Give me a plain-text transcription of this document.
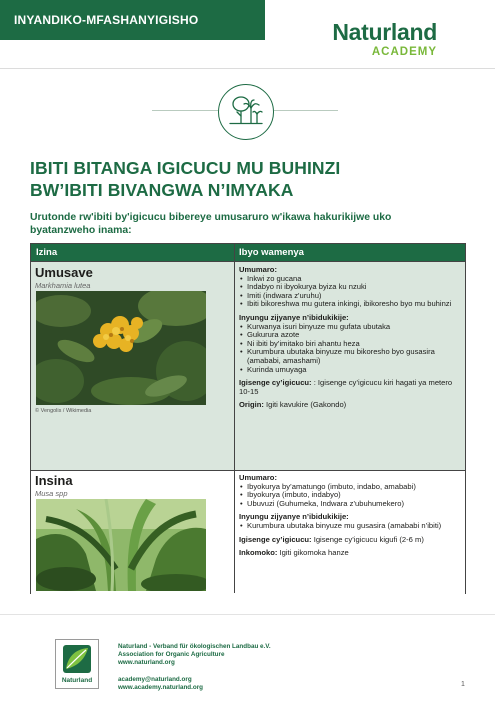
INYANDIKO-MFASHANYIGISHO	Naturland
ACADEMY
IBITI BITANGA IGICUCU MU BUHINZI
BW’IBITI BIVANGWA N’IMYAKA
Urutonde rw'ibiti by'igicucu bibereye umusaruro w'ikawa hakurikijwe uko byatanzweho inama:
Izina	Ibyo wamenya
Umusave
Markhamia lutea
© Vengolis / Wikimedia
Umumaro:
• Inkwi zo gucana
• Indabyo ni ibyokurya byiza ku nzuki
• Imiti (indwara z'uruhu)
• Ibiti bikoreshwa mu gutera inkingi, ibikoresho byo mu buhinzi
Inyungu zijyanye n’ibidukikije:
• Kurwanya isuri binyuze mu gufata ubutaka
• Gukurura azote
• Ni ibiti by’imitako biri ahantu heza
• Kurumbura ubutaka binyuze mu bikoresho byo gusasira (amababi, amashami)
• Kurinda umuyaga

Igisenge cy’igicucu: : Igisenge cy’igicucu kiri hagati ya metero 10-15

Origin: Igiti kavukire (Gakondo)

Insina
Musa spp
Umumaro:
• Ibyokurya by’amatungo (imbuto, indabo, amababi)
• Ibyokurya (imbuto, indabyo)
• Ubuvuzi (Guhumeka, Indwara z’ubuhumekero)
Inyungu zijyanye n’ibidukikije:
• Kurumbura ubutaka binyuze mu gusasira (amababi n’ibiti)

Igisenge cy’igicucu: Igisenge cy’igicucu kigufi (2-6 m)

Inkomoko: Igiti gikomoka hanze

Naturland
Naturland - Verband für ökologischen Landbau e.V.
Association for Organic Agriculture
www.naturland.org
academy@naturland.org
www.academy.naturland.org	1
